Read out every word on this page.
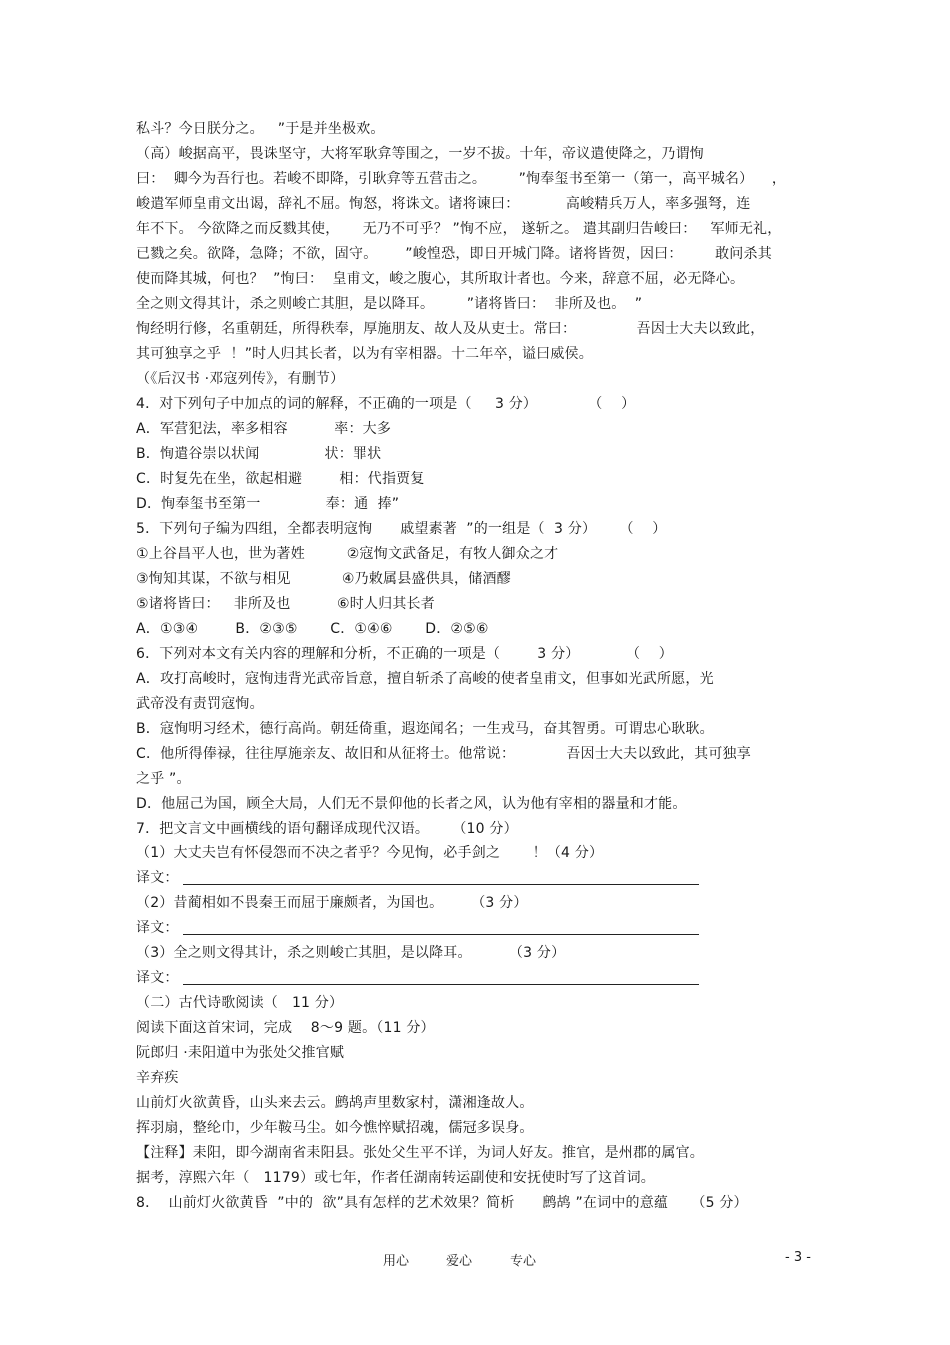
私斗？今日朕分之。   ”于是并坐极欢。
（高）峻据高平，畏诛坚守，大将军耿弇等围之，一岁不拔。十年，帝议遣使降之，乃谓恂
曰：  卿今为吾行也。若峻不即降，引耿弇等五营击之。       ”恂奉玺书至第一（第一，高平城名）    ，
峻遣军师皇甫文出谒，辞礼不屈。恂怒，将诛文。诸将谏曰：          高峻精兵万人，率多强弩，连
年不下。 今欲降之而反戮其使，     无乃不可乎？ ”恂不应， 遂斩之。 遣其副归告峻曰：   军师无礼，
已戮之矣。欲降，急降；不欲，固守。      ”峻惶恐，即日开城门降。诸将皆贺，因曰：       敢问杀其
使而降其城，何也？  ”恂曰：  皇甫文，峻之腹心，其所取计者也。今来，辞意不屈，必无降心。
全之则文得其计，杀之则峻亡其胆，是以降耳。       ”诸将皆曰：  非所及也。  ”
恂经明行修，名重朝廷，所得秩奉，厚施朋友、故人及从吏士。常曰：             吾因士大夫以致此，
其可独享之乎  ！”时人归其长者，以为有宰相器。十二年卒，谥曰威侯。
（《后汉书 ·邓寇列传》，有删节）
4．对下列句子中加点的词的解释，不正确的一项是（     3 分）           （    ）
A．军营犯法，率多相容          率：大多
B．恂遣谷崇以状闻              状：罪状
C．时复先在坐，欲起相避        相：代指贾复
D．恂奉玺书至第一              奉：通  捧”
5．下列句子编为四组，全都表明寇恂      戚望素著  ”的一组是（  3 分）     （    ）
①上谷昌平人也，世为著姓         ②寇恂文武备足，有牧人御众之才
③恂知其谋，不欲与相见           ④乃敕属县盛供具，储酒醪
⑤诸将皆曰：   非所及也          ⑥时人归其长者
A．①③④        B．②③⑤       C．①④⑥       D．②⑤⑥
6．下列对本文有关内容的理解和分析，不正确的一项是（        3 分）          （    ）
A．攻打高峻时，寇恂违背光武帝旨意，擅自斩杀了高峻的使者皇甫文，但事如光武所愿，光
武帝没有责罚寇恂。
B．寇恂明习经术，德行高尚。朝廷倚重，遐迩闻名；一生戎马，奋其智勇。可谓忠心耿耿。
C．他所得俸禄，往往厚施亲友、故旧和从征将士。他常说：           吾因士大夫以致此，其可独享
之乎 ”。
D．他屈己为国，顾全大局，人们无不景仰他的长者之风，认为他有宰相的器量和才能。
7．把文言文中画横线的语句翻译成现代汉语。     （10 分）
（1）大丈夫岂有怀侵怨而不决之者乎？今见恂，必手剑之       ！（4 分）
译文：
（2）昔蔺相如不畏秦王而屈于廉颇者，为国也。      （3 分）
译文：
（3）全之则文得其计，杀之则峻亡其胆，是以降耳。        （3 分）
译文：
（二）古代诗歌阅读（   11 分）
阅读下面这首宋词，完成    8～9 题。（11 分）
阮郎归 ·耒阳道中为张处父推官赋
辛弃疾
山前灯火欲黄昏，山头来去云。鹧鸪声里数家村，潇湘逢故人。
挥羽扇，整纶巾，少年鞍马尘。如今憔悴赋招魂，儒冠多误身。
【注释】耒阳，即今湖南省耒阳县。张处父生平不详，为词人好友。推官，是州郡的属官。
据考，淳熙六年（   1179）或七年，作者任湖南转运副使和安抚使时写了这首词。
8．  山前灯火欲黄昏  ”中的  欲”具有怎样的艺术效果？简析      鹧鸪 ”在词中的意蕴     （5 分）
用心	爱心	专心	- 3 -
